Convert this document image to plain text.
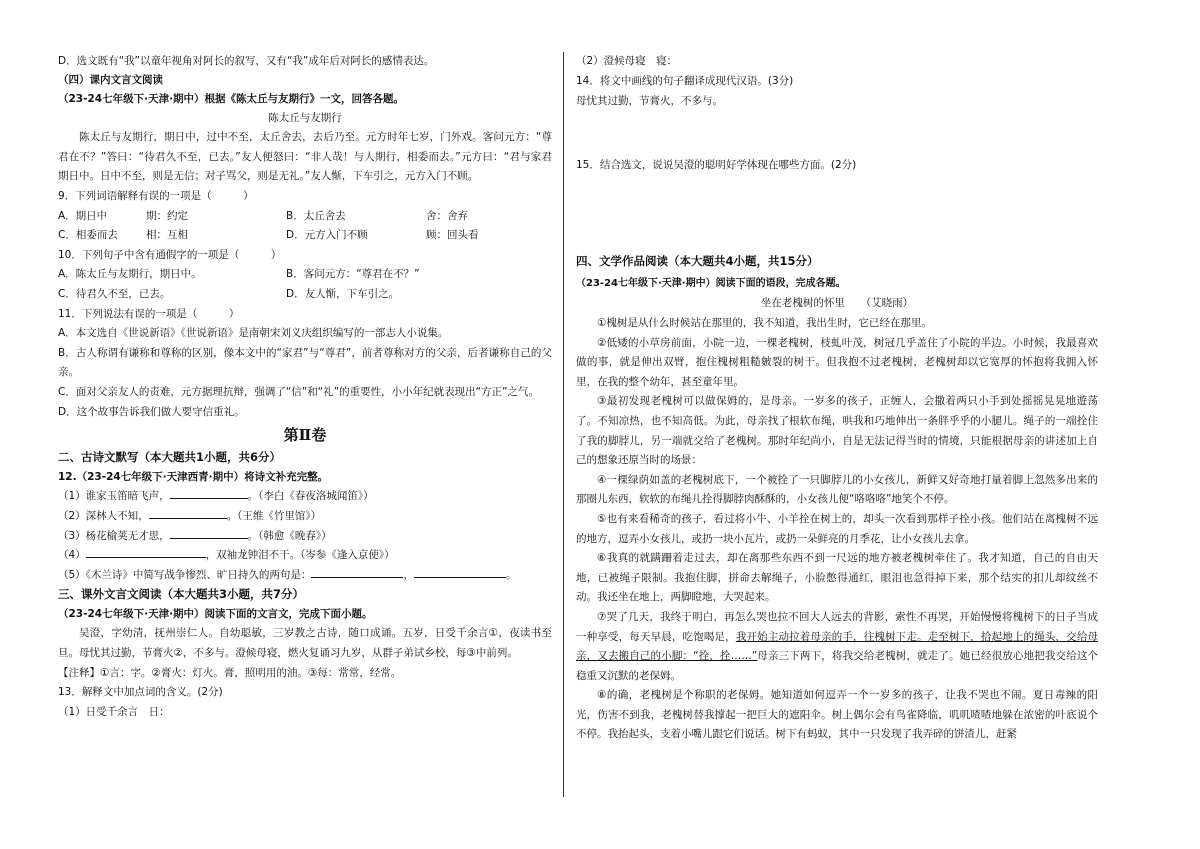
D．选文既有“我”以童年视角对阿长的叙写，又有“我”成年后对阿长的感情表达。
（四）课内文言文阅读
（23-24七年级下·天津·期中）根据《陈太丘与友期行》一文，回答各题。
陈太丘与友期行
陈太丘与友期行，期日中，过中不至，太丘舍去，去后乃至。元方时年七岁，门外戏。客问元方：“尊君在不？”答曰：“待君久不至，已去。”友人便怒曰：“非人哉！与人期行，相委而去。”元方曰：“君与家君期日中。日中不至，则是无信；对子骂父，则是无礼。”友人惭，下车引之，元方入门不顾。
9．下列词语解释有误的一项是（　　　）
A．期日中	期：约定	B．太丘舍去	舍：舍弃
C．相委而去	相：互相	D．元方入门不顾	顾：回头看
10．下列句子中含有通假字的一项是（　　　）
A．陈太丘与友期行，期日中。	B．客问元方：“尊君在不？”
C．待君久不至，已去。	D．友人惭，下车引之。
11．下列说法有误的一项是（　　　）
A．本文选自《世说新语》《世说新语》是南朝宋刘义庆组织编写的一部志人小说集。
B．古人称谓有谦称和尊称的区别，像本文中的“家君”与“尊君”，前者尊称对方的父亲，后者谦称自己的父亲。
C．面对父亲友人的责难，元方据理抗辩，强调了“信”和“礼”的重要性，小小年纪就表现出“方正”之气。
D．这个故事告诉我们做人要守信重礼。
第Ⅱ卷
二、古诗文默写（本大题共1小题，共6分）
12.（23-24七年级下·天津西青·期中）将诗文补充完整。
（1）谁家玉笛暗飞声，	。（李白《春夜洛城闻笛》）
（2）深林人不知，	。（王维《竹里馆》）
（3）杨花榆荚无才思，	。（韩愈《晚春》）
（4）	，双袖龙钟泪不干。（岑参《逢入京使》）
（5）《木兰诗》中简写战争惨烈、旷日持久的两句是：	，	。
三、课外文言文阅读（本大题共3小题，共7分）
（23-24七年级下·天津·期中）阅读下面的文言文，完成下面小题。
吴澄，字幼清，抚州崇仁人。自幼聪敏，三岁教之古诗，随口成诵。五岁，日受千余言①，夜读书至旦。母忧其过勤，节膏火②，不多与。澄候母寝，燃火复诵习九岁，从群子弟试乡校，每③中前列。
【注释】①言：字。②膏火：灯火。膏，照明用的油。③每：常常，经常。
13．解释文中加点词的含义。(2分)
（1）日受千余言　日：
（2）澄候母寝　寝：
14．将文中画线的句子翻译成现代汉语。(3分)
母忧其过勤，节膏火，不多与。
15．结合选文，说说吴澄的聪明好学体现在哪些方面。(2分)
四、文学作品阅读（本大题共4小题，共15分）
（23-24七年级下·天津·期中）阅读下面的语段，完成各题。
坐在老槐树的怀里　　（艾晓雨）
①槐树是从什么时候站在那里的，我不知道，我出生时，它已经在那里。
②低矮的小草房前面，小院一边，一棵老槐树，枝虬叶茂，树冠几乎盖住了小院的半边。小时候，我最喜欢做的事，就是伸出双臂，抱住槐树粗糙皴裂的树干。但我抱不过老槐树，老槐树却以它宽厚的怀抱将我拥入怀里，在我的整个幼年，甚至童年里。
③最初发现老槐树可以做保姆的，是母亲。一岁多的孩子，正缠人，会撒着两只小手到处摇摇晃晃地遊荡了。不知凉热，也不知高低。为此，母亲找了根软布绳，哄我和巧地伸出一条胖乎乎的小腿儿。绳子的一端拴住了我的脚脖儿，另一端就交给了老槐树。那时年纪尚小，自是无法记得当时的情境，只能根据母亲的讲述加上自己的想象还原当时的场景：
④一棵绿荫如盖的老槐树底下，一个被拴了一只脚脖儿的小女孩儿，新鲜又好奇地打量着脚上忽然多出来的那圈儿东西，软软的布绳儿拴得脚脖肉酥酥的，小女孩儿便“咯咯咯”地笑个不停。
⑤也有来看稀奇的孩子，看过将小牛、小羊拴在树上的，却头一次看到那样子拴小孩。他们站在离槐树不远的地方，逗弄小女孩儿，或扔一块小瓦片，或扔一朵鲜亮的月季花，让小女孩儿去拿。
⑥我真的就蹒跚着走过去，却在离那些东西不到一尺远的地方被老槐树牵住了。我才知道，自己的自由天地，已被绳子限制。我抱住脚，拼命去解绳子，小脸憋得通红，眼泪也急得掉下来，那个结实的扣儿却纹丝不动。我还坐在地上，两脚瞪地，大哭起来。
⑦哭了几天，我终于明白，再怎么哭也拉不回大人远去的背影，索性不再哭，开始慢慢将槐树下的日子当成一种享受，每天早晨，吃饱喝足，我开始主动拉着母亲的手，往槐树下走。走至树下，拾起地上的绳头，交给母亲，又去搬自己的小脚：“拴，拴……”母亲三下两下，将我交给老槐树，就走了。她已经很放心地把我交给这个稳重又沉默的老保姆。
⑧的确，老槐树是个称职的老保姆。她知道如何逗弄一个一岁多的孩子，让我不哭也不闹。夏日毒辣的阳光，伤害不到我，老槐树替我撑起一把巨大的遮阳伞。树上偶尔会有鸟雀降临，叽叽喳喳地躲在浓密的叶底说个不停。我抬起头，支着小嘴儿跟它们说话。树下有蚂蚁，其中一只发现了我弄碎的饼渣儿，赶紧
